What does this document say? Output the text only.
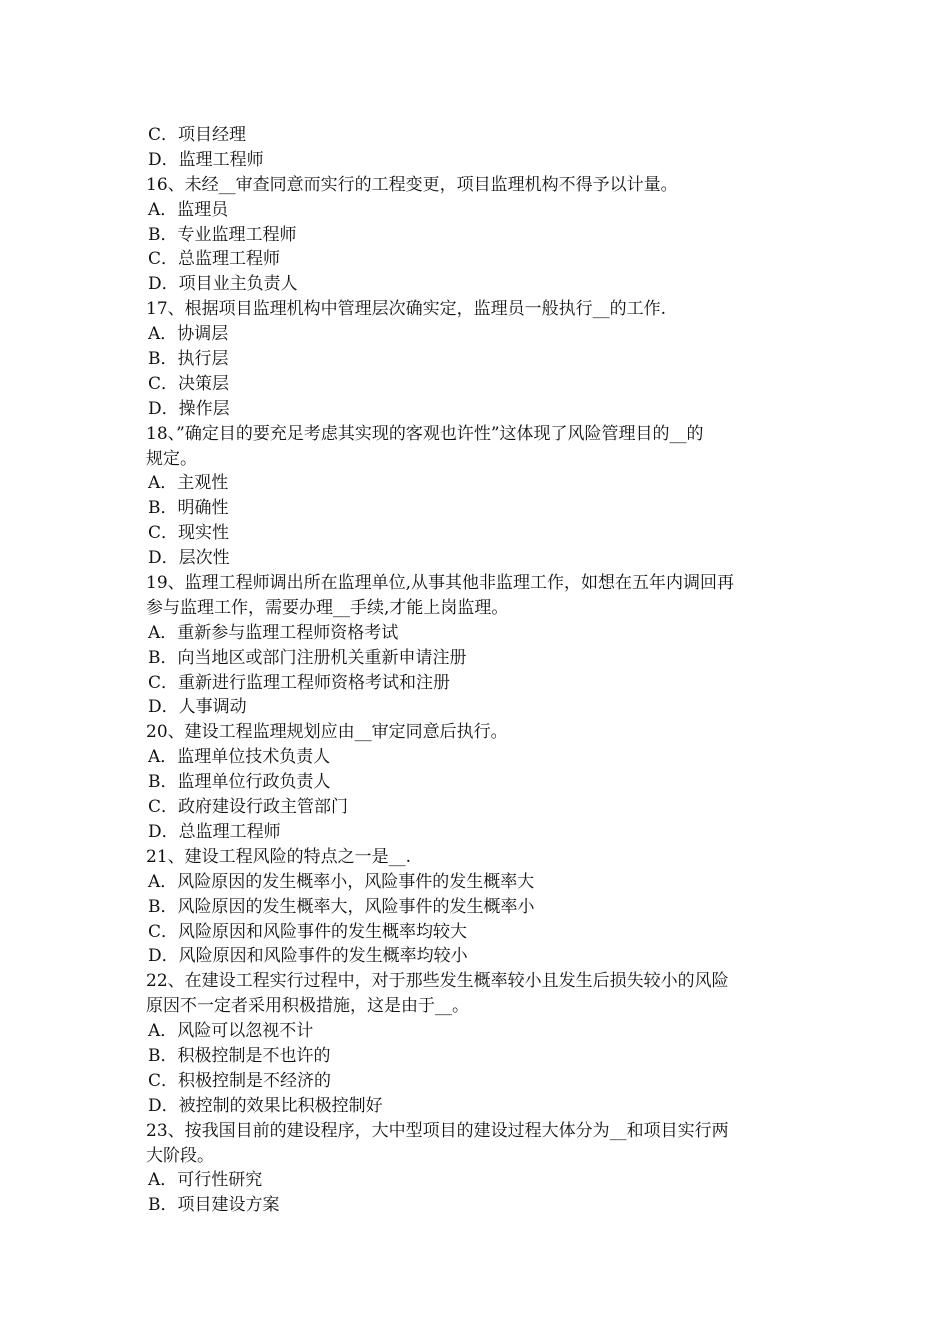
C．项目经理
D．监理工程师
16、未经__审查同意而实行的工程变更，项目监理机构不得予以计量。
A．监理员
B．专业监理工程师
C．总监理工程师
D．项目业主负责人
17、根据项目监理机构中管理层次确实定，监理员一般执行__的工作.
A．协调层
B．执行层
C．决策层
D．操作层
18、”确定目的要充足考虑其实现的客观也许性”这体现了风险管理目的__的
规定。
A．主观性
B．明确性
C．现实性
D．层次性
19、监理工程师调出所在监理单位,从事其他非监理工作，如想在五年内调回再
参与监理工作，需要办理__手续,才能上岗监理。
A．重新参与监理工程师资格考试
B．向当地区或部门注册机关重新申请注册
C．重新进行监理工程师资格考试和注册
D．人事调动
20、建设工程监理规划应由__审定同意后执行。
A．监理单位技术负责人
B．监理单位行政负责人
C．政府建设行政主管部门
D．总监理工程师
21、建设工程风险的特点之一是__.
A．风险原因的发生概率小，风险事件的发生概率大
B．风险原因的发生概率大，风险事件的发生概率小
C．风险原因和风险事件的发生概率均较大
D．风险原因和风险事件的发生概率均较小
22、在建设工程实行过程中，对于那些发生概率较小且发生后损失较小的风险
原因不一定者采用积极措施，这是由于__。
A．风险可以忽视不计
B．积极控制是不也许的
C．积极控制是不经济的
D．被控制的效果比积极控制好
23、按我国目前的建设程序，大中型项目的建设过程大体分为__和项目实行两
大阶段。
A．可行性研究
B．项目建设方案
